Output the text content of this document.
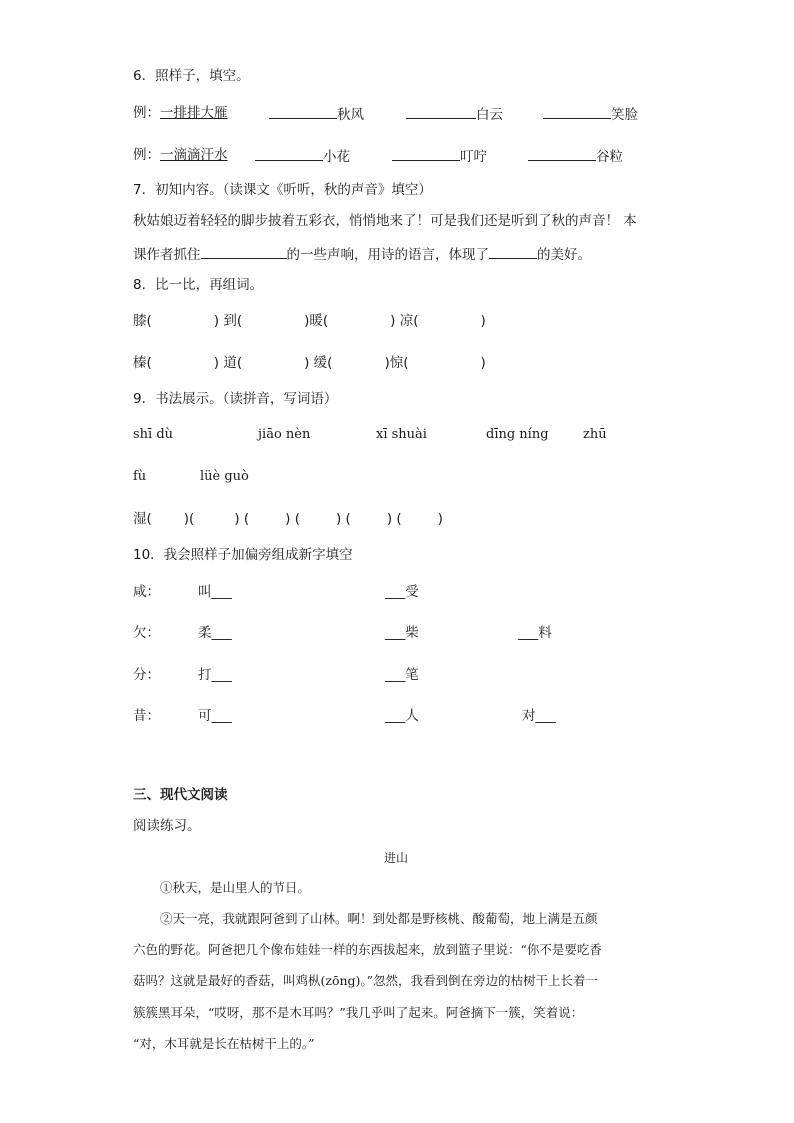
6．照样子，填空。
例：一排排大雁	秋风	白云	笑脸
例：一滴滴汗水	小花	叮咛	谷粒
7．初知内容。（读课文《听听，秋的声音》填空）
秋姑娘迈着轻轻的脚步披着五彩衣，悄悄地来了！可是我们还是听到了秋的声音！ 本
课作者抓住	的一些声响，用诗的语言，体现了	的美好。
8．比一比，再组词。
膝(	) 到(	)暖(	) 凉(	)
榛(	) 道(	) 缓(	)惊(	)
9．书法展示。（读拼音，写词语）
shī dù	jiāo nèn	xī shuài	dīng níng	zhū
fù	lüè guò
湿( )(	) (	) (	) (	) (	)
10．我会照样子加偏旁组成新字填空
咸：	叫___	___受
欠：	柔___	___柴	___料
分：	打___	___笔
昔：	可___	___人	对___
三、现代文阅读
阅读练习。
进山
①秋天，是山里人的节日。
②天一亮，我就跟阿爸到了山林。啊！到处都是野核桃、酸葡萄，地上满是五颜
六色的野花。阿爸把几个像布娃娃一样的东西拔起来，放到篮子里说：“你不是要吃香
菇吗？这就是最好的香菇，叫鸡枞(zōng)。”忽然，我看到倒在旁边的枯树干上长着一
簇簇黑耳朵，“哎呀，那不是木耳吗？”我几乎叫了起来。阿爸摘下一簇，笑着说：
“对，木耳就是长在枯树干上的。”
